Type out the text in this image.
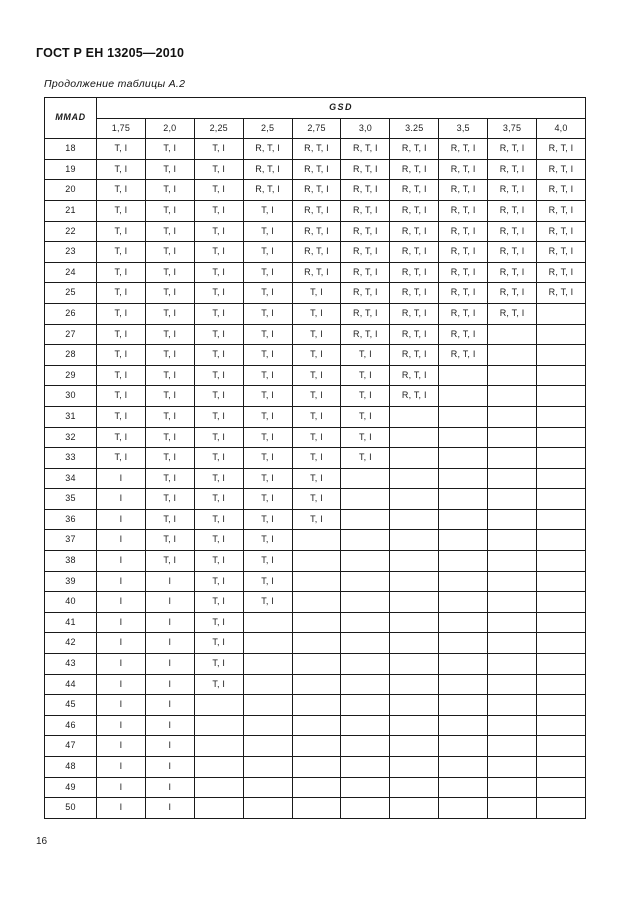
ГОСТ Р ЕН 13205—2010
Продолжение таблицы А.2
MMAD	GSD									
	1,75	2,0	2,25	2,5	2,75	3,0	3.25	3,5	3,75	4,0
18	T, I	T, I	T, I	R, T, I	R, T, I	R, T, I	R, T, I	R, T, I	R, T, I	R, T, I
19	T, I	T, I	T, I	R, T, I	R, T, I	R, T, I	R, T, I	R, T, I	R, T, I	R, T, I
20	T, I	T, I	T, I	R, T, I	R, T, I	R, T, I	R, T, I	R, T, I	R, T, I	R, T, I
21	T, I	T, I	T, I	T, I	R, T, I	R, T, I	R, T, I	R, T, I	R, T, I	R, T, I
22	T, I	T, I	T, I	T, I	R, T, I	R, T, I	R, T, I	R, T, I	R, T, I	R, T, I
23	T, I	T, I	T, I	T, I	R, T, I	R, T, I	R, T, I	R, T, I	R, T, I	R, T, I
24	T, I	T, I	T, I	T, I	R, T, I	R, T, I	R, T, I	R, T, I	R, T, I	R, T, I
25	T, I	T, I	T, I	T, I	T, I	R, T, I	R, T, I	R, T, I	R, T, I	R, T, I
26	T, I	T, I	T, I	T, I	T, I	R, T, I	R, T, I	R, T, I	R, T, I	
27	T, I	T, I	T, I	T, I	T, I	R, T, I	R, T, I	R, T, I		
28	T, I	T, I	T, I	T, I	T, I	T, I	R, T, I	R, T, I		
29	T, I	T, I	T, I	T, I	T, I	T, I	R, T, I			
30	T, I	T, I	T, I	T, I	T, I	T, I	R, T, I			
31	T, I	T, I	T, I	T, I	T, I	T, I				
32	T, I	T, I	T, I	T, I	T, I	T, I				
33	T, I	T, I	T, I	T, I	T, I	T, I				
34	I	T, I	T, I	T, I	T, I					
35	I	T, I	T, I	T, I	T, I					
36	I	T, I	T, I	T, I	T, I					
37	I	T, I	T, I	T, I						
38	I	T, I	T, I	T, I						
39	I	I	T, I	T, I						
40	I	I	T, I	T, I						
41	I	I	T, I							
42	I	I	T, I							
43	I	I	T, I							
44	I	I	T, I							
45	I	I								
46	I	I								
47	I	I								
48	I	I								
49	I	I								
50	I	I								
16
